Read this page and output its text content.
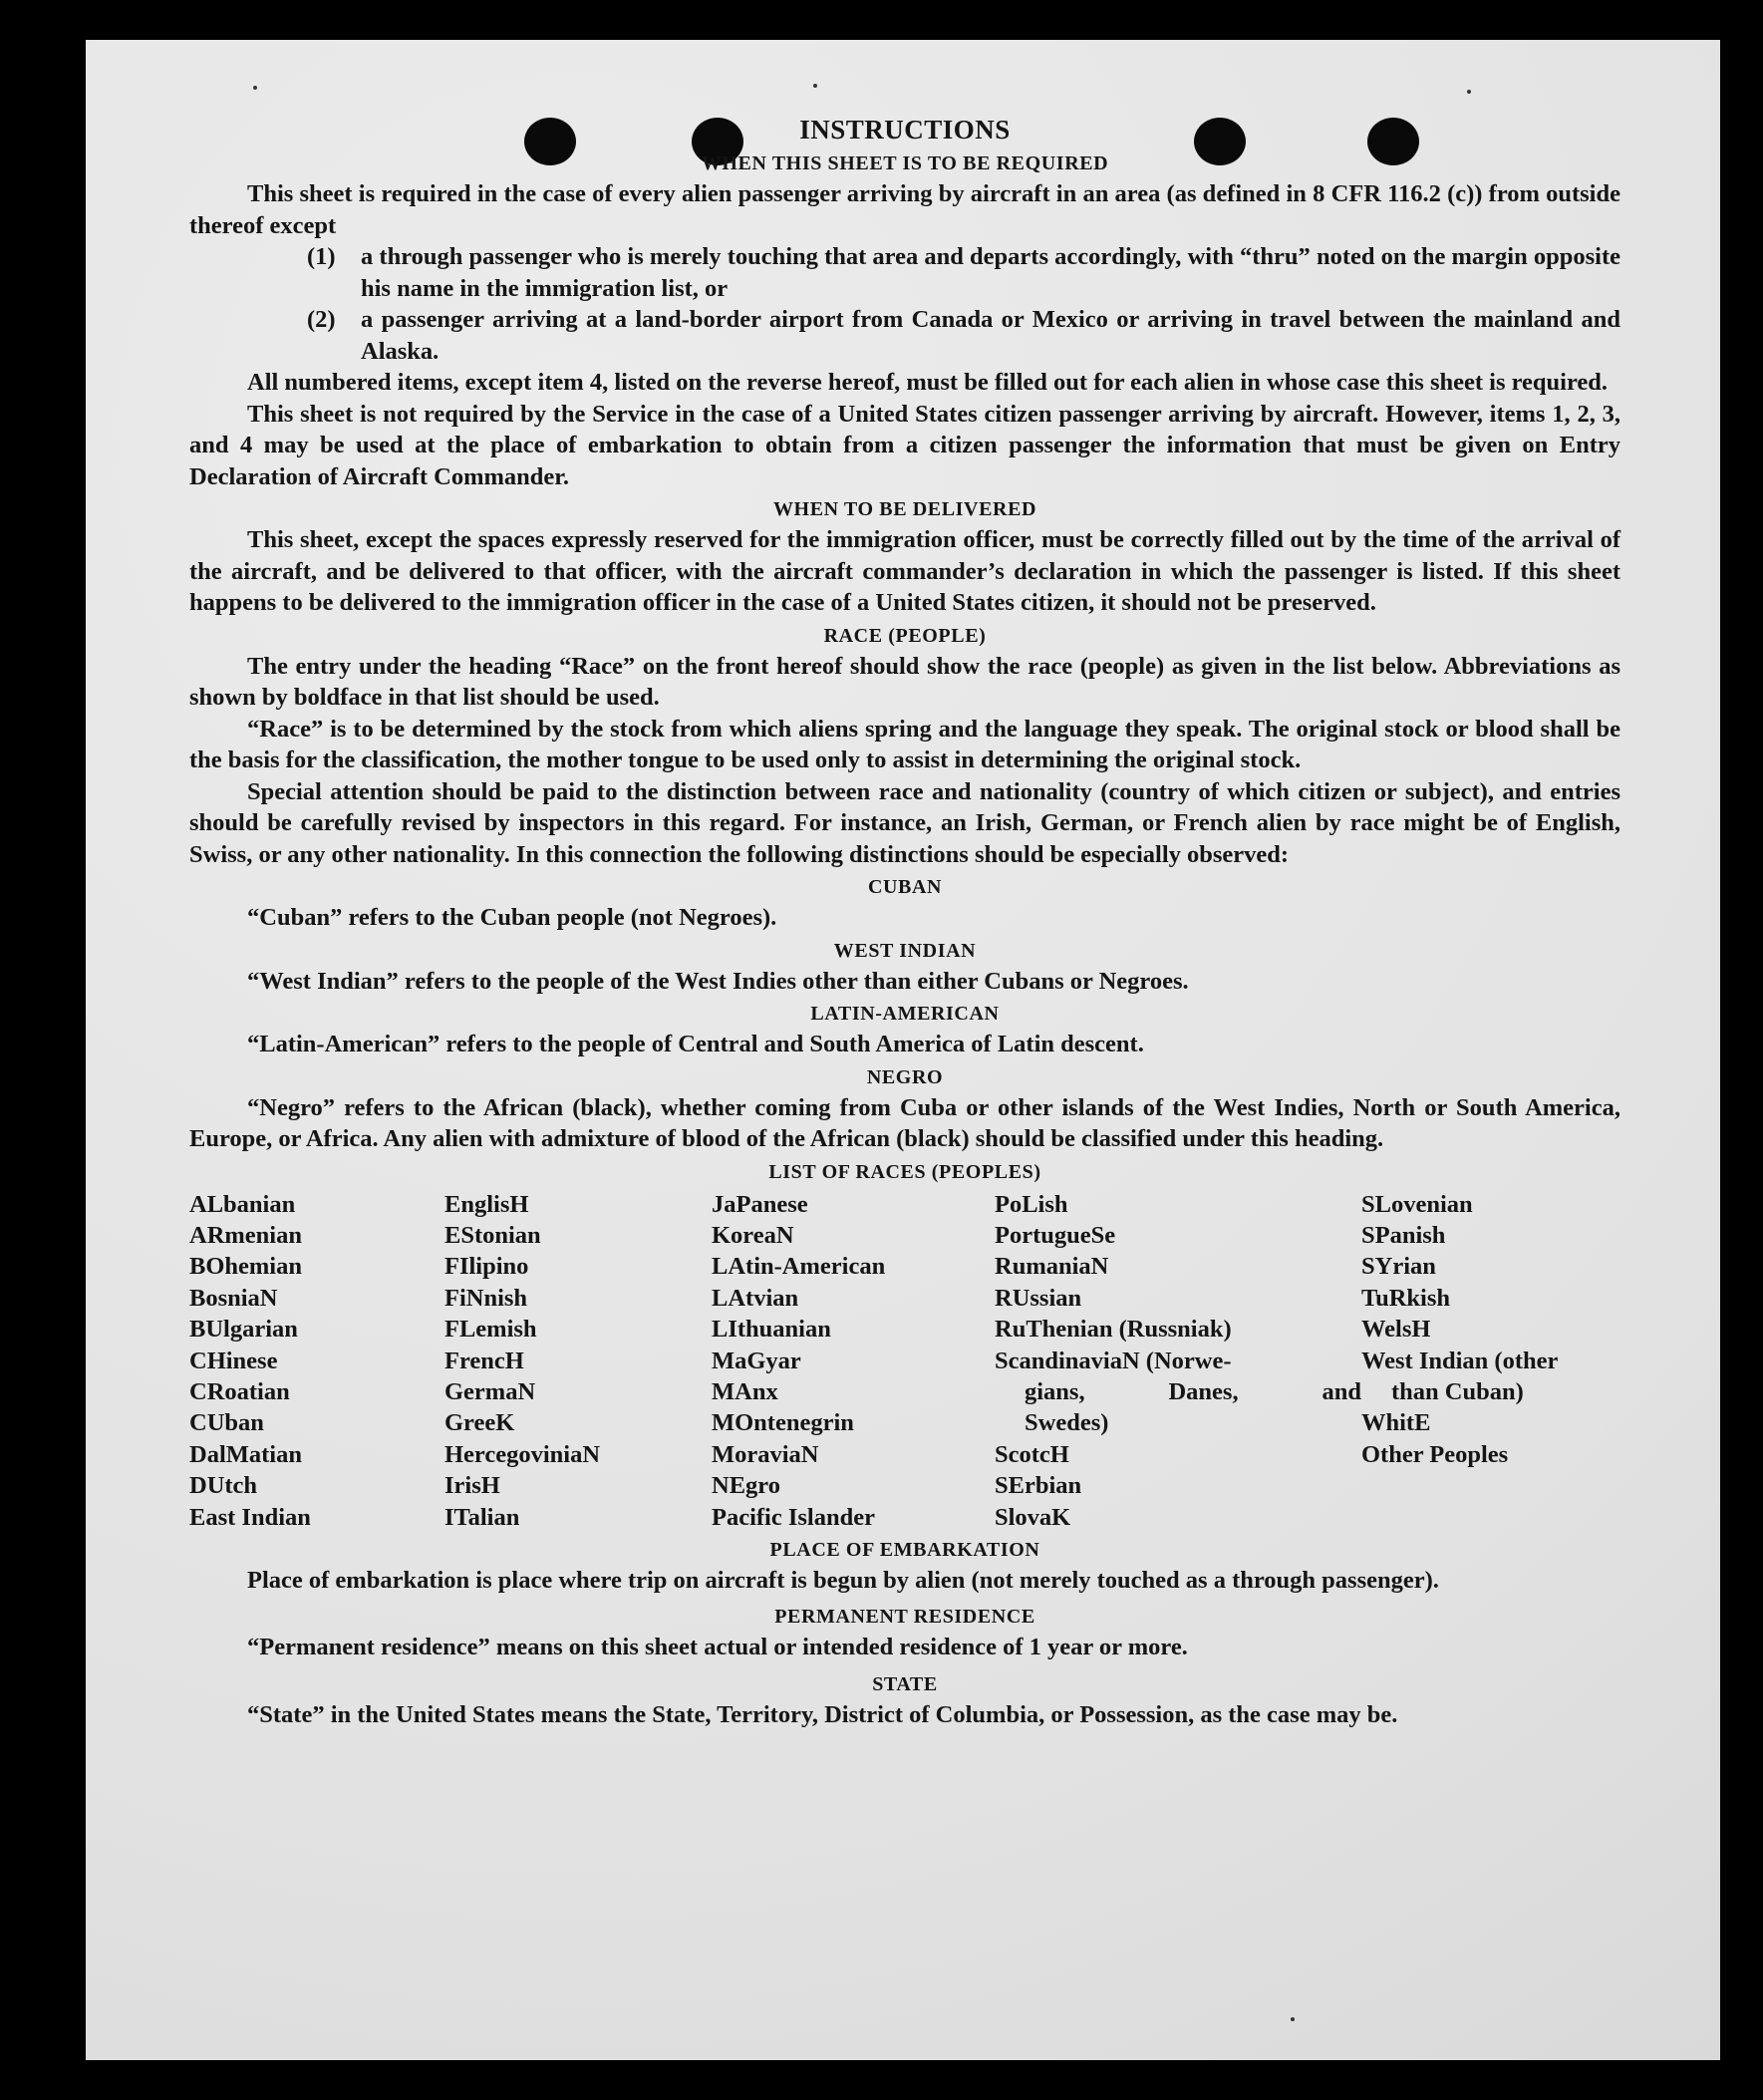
INSTRUCTIONS
WHEN THIS SHEET IS TO BE REQUIRED

This sheet is required in the case of every alien passenger arriving by aircraft in an area (as defined in 8 CFR 116.2 (c)) from outside thereof except

(1)	a through passenger who is merely touching that area and departs accordingly, with “thru” noted on the margin opposite his name in the immigration list, or
(2)	a passenger arriving at a land-border airport from Canada or Mexico or arriving in travel between the mainland and Alaska.

All numbered items, except item 4, listed on the reverse hereof, must be filled out for each alien in whose case this sheet is required.

This sheet is not required by the Service in the case of a United States citizen passenger arriving by aircraft. However, items 1, 2, 3, and 4 may be used at the place of embarkation to obtain from a citizen passenger the information that must be given on Entry Declaration of Aircraft Commander.

WHEN TO BE DELIVERED

This sheet, except the spaces expressly reserved for the immigration officer, must be correctly filled out by the time of the arrival of the aircraft, and be delivered to that officer, with the aircraft commander’s declaration in which the passenger is listed. If this sheet happens to be delivered to the immigration officer in the case of a United States citizen, it should not be preserved.

RACE (PEOPLE)

The entry under the heading “Race” on the front hereof should show the race (people) as given in the list below. Abbreviations as shown by boldface in that list should be used.

“Race” is to be determined by the stock from which aliens spring and the language they speak. The original stock or blood shall be the basis for the classification, the mother tongue to be used only to assist in determining the original stock.

Special attention should be paid to the distinction between race and nationality (country of which citizen or subject), and entries should be carefully revised by inspectors in this regard. For instance, an Irish, German, or French alien by race might be of English, Swiss, or any other nationality. In this connection the following distinctions should be especially observed:

CUBAN

“Cuban” refers to the Cuban people (not Negroes).

WEST INDIAN

“West Indian” refers to the people of the West Indies other than either Cubans or Negroes.

LATIN-AMERICAN

“Latin-American” refers to the people of Central and South America of Latin descent.

NEGRO

“Negro” refers to the African (black), whether coming from Cuba or other islands of the West Indies, North or South America, Europe, or Africa. Any alien with admixture of blood of the African (black) should be classified under this heading.

LIST OF RACES (PEOPLES)
ALbanian
ARmenian
BOhemian
BosniaN
BUlgarian
CHinese
CRoatian
CUban
DalMatian
DUtch
East Indian
EnglisH
EStonian
FIlipino
FiNnish
FLemish
FrencH
GermaN
GreeK
HercegoviniaN
IrisH
ITalian
JaPanese
KoreaN
LAtin-American
LAtvian
LIthuanian
MaGyar
MAnx
MOntenegrin
MoraviaN
NEgro
Pacific Islander
PoLish
PortugueSe
RumaniaN
RUssian
RuThenian (Russniak)
ScandinaviaN (Norwe-
gians, Danes, and
Swedes)
ScotcH
SErbian
SlovaK
SLovenian
SPanish
SYrian
TuRkish
WelsH
West Indian (other
than Cuban)
WhitE
Other Peoples
PLACE OF EMBARKATION

Place of embarkation is place where trip on aircraft is begun by alien (not merely touched as a through passenger).

PERMANENT RESIDENCE

“Permanent residence” means on this sheet actual or intended residence of 1 year or more.

STATE

“State” in the United States means the State, Territory, District of Columbia, or Possession, as the case may be.
